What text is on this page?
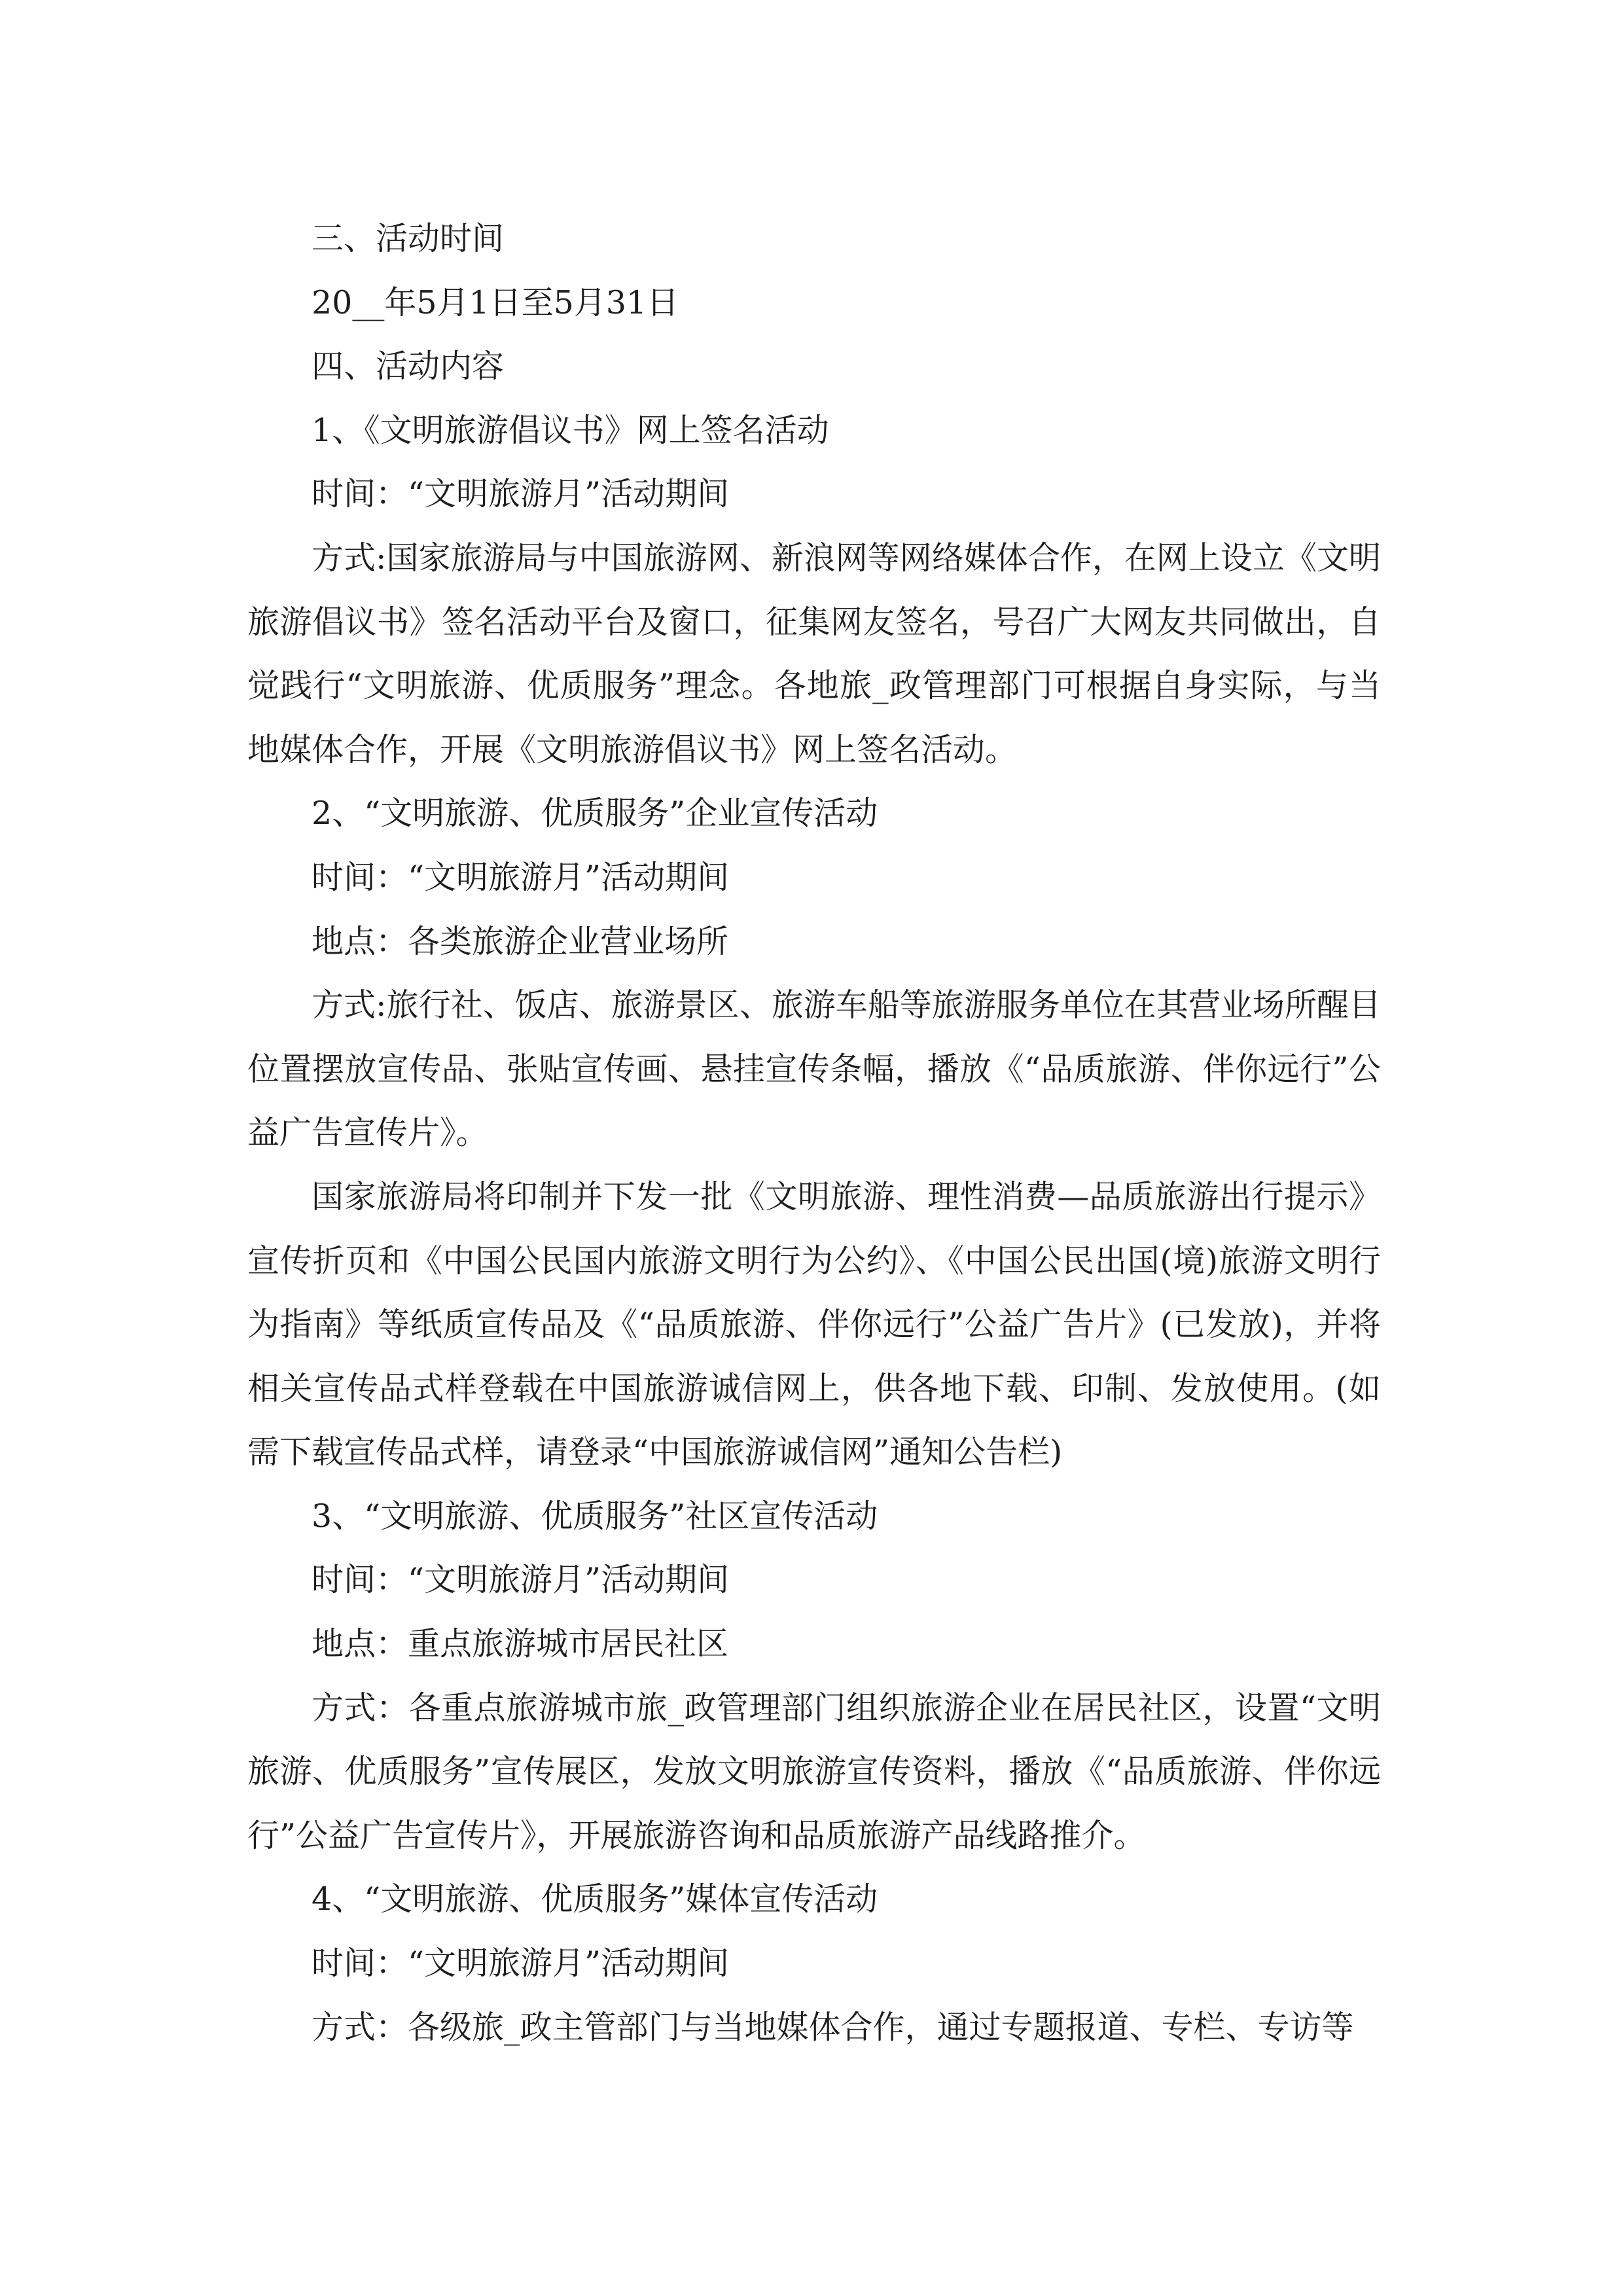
三、活动时间

20__年5月1日至5月31日

四、活动内容

1、《文明旅游倡议书》网上签名活动

时间：“文明旅游月”活动期间

方式:国家旅游局与中国旅游网、新浪网等网络媒体合作，在网上设立《文明旅游倡议书》签名活动平台及窗口，征集网友签名，号召广大网友共同做出，自觉践行“文明旅游、优质服务”理念。各地旅_政管理部门可根据自身实际，与当地媒体合作，开展《文明旅游倡议书》网上签名活动。

2、“文明旅游、优质服务”企业宣传活动

时间：“文明旅游月”活动期间

地点：各类旅游企业营业场所

方式:旅行社、饭店、旅游景区、旅游车船等旅游服务单位在其营业场所醒目位置摆放宣传品、张贴宣传画、悬挂宣传条幅，播放《“品质旅游、伴你远行”公益广告宣传片》。

国家旅游局将印制并下发一批《文明旅游、理性消费—品质旅游出行提示》宣传折页和《中国公民国内旅游文明行为公约》、《中国公民出国(境)旅游文明行为指南》等纸质宣传品及《“品质旅游、伴你远行”公益广告片》(已发放)，并将相关宣传品式样登载在中国旅游诚信网上，供各地下载、印制、发放使用。(如需下载宣传品式样，请登录“中国旅游诚信网”通知公告栏)

3、“文明旅游、优质服务”社区宣传活动

时间：“文明旅游月”活动期间

地点：重点旅游城市居民社区

方式：各重点旅游城市旅_政管理部门组织旅游企业在居民社区，设置“文明旅游、优质服务”宣传展区，发放文明旅游宣传资料，播放《“品质旅游、伴你远行”公益广告宣传片》，开展旅游咨询和品质旅游产品线路推介。

4、“文明旅游、优质服务”媒体宣传活动

时间：“文明旅游月”活动期间

方式：各级旅_政主管部门与当地媒体合作，通过专题报道、专栏、专访等
